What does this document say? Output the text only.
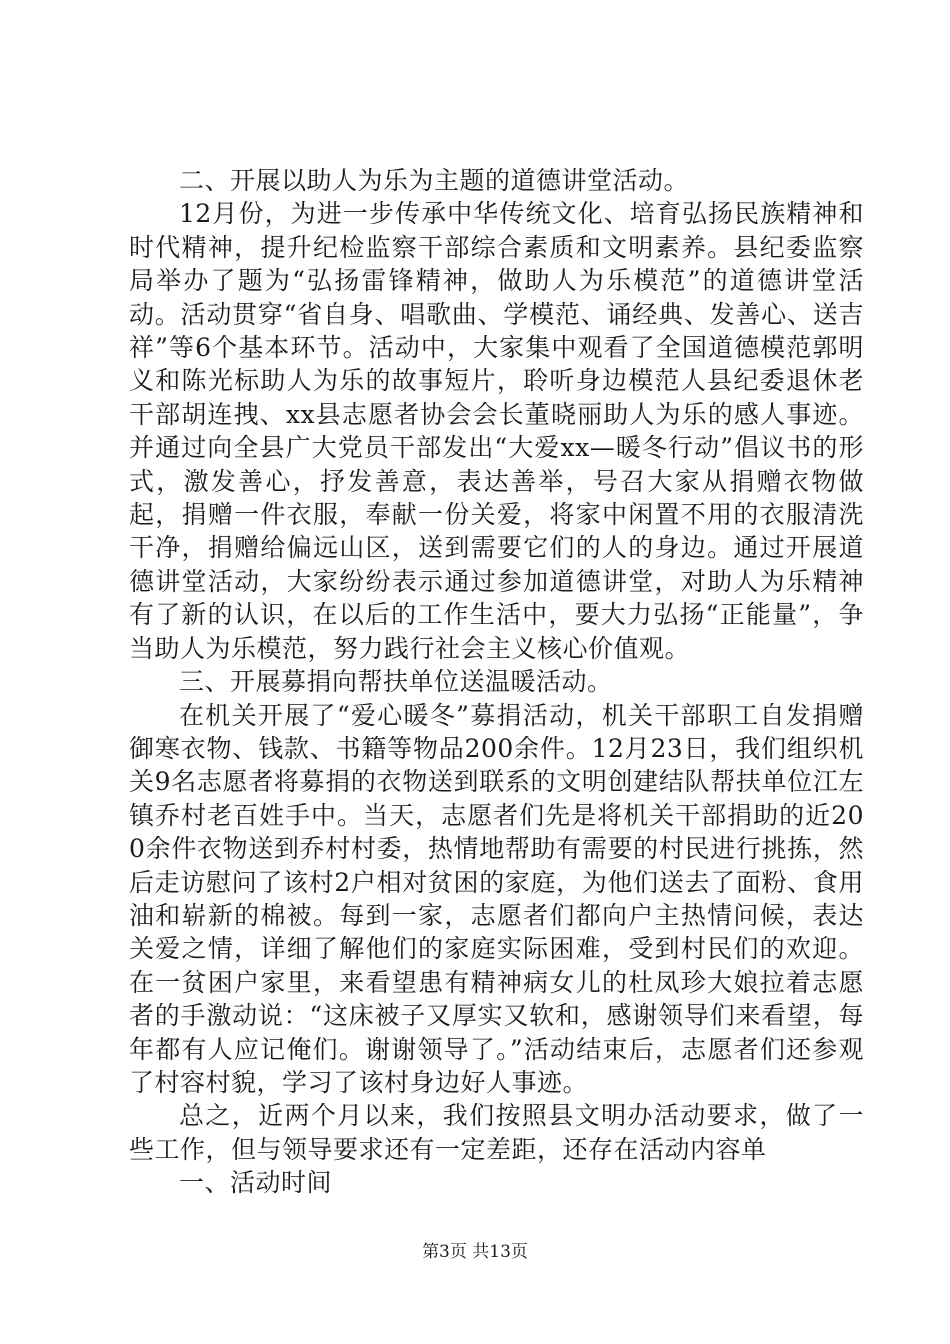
二、开展以助人为乐为主题的道德讲堂活动。

12月份，为进一步传承中华传统文化、培育弘扬民族精神和时代精神，提升纪检监察干部综合素质和文明素养。县纪委监察局举办了题为“弘扬雷锋精神，做助人为乐模范”的道德讲堂活动。活动贯穿“省自身、唱歌曲、学模范、诵经典、发善心、送吉祥”等6个基本环节。活动中，大家集中观看了全国道德模范郭明义和陈光标助人为乐的故事短片，聆听身边模范人县纪委退休老干部胡连拽、xx县志愿者协会会长董晓丽助人为乐的感人事迹。并通过向全县广大党员干部发出“大爱xx—暖冬行动”倡议书的形式，激发善心，抒发善意，表达善举，号召大家从捐赠衣物做起，捐赠一件衣服，奉献一份关爱，将家中闲置不用的衣服清洗干净，捐赠给偏远山区，送到需要它们的人的身边。通过开展道德讲堂活动，大家纷纷表示通过参加道德讲堂，对助人为乐精神有了新的认识，在以后的工作生活中，要大力弘扬“正能量”，争当助人为乐模范，努力践行社会主义核心价值观。

三、开展募捐向帮扶单位送温暖活动。

在机关开展了“爱心暖冬”募捐活动，机关干部职工自发捐赠御寒衣物、钱款、书籍等物品200余件。12月23日，我们组织机关9名志愿者将募捐的衣物送到联系的文明创建结队帮扶单位江左镇乔村老百姓手中。当天，志愿者们先是将机关干部捐助的近200余件衣物送到乔村村委，热情地帮助有需要的村民进行挑拣，然后走访慰问了该村2户相对贫困的家庭，为他们送去了面粉、食用油和崭新的棉被。每到一家，志愿者们都向户主热情问候，表达关爱之情，详细了解他们的家庭实际困难，受到村民们的欢迎。在一贫困户家里，来看望患有精神病女儿的杜凤珍大娘拉着志愿者的手激动说：“这床被子又厚实又软和，感谢领导们来看望，每年都有人应记俺们。谢谢领导了。”活动结束后，志愿者们还参观了村容村貌，学习了该村身边好人事迹。

总之，近两个月以来，我们按照县文明办活动要求，做了一些工作，但与领导要求还有一定差距，还存在活动内容单

一、活动时间

第3页 共13页
